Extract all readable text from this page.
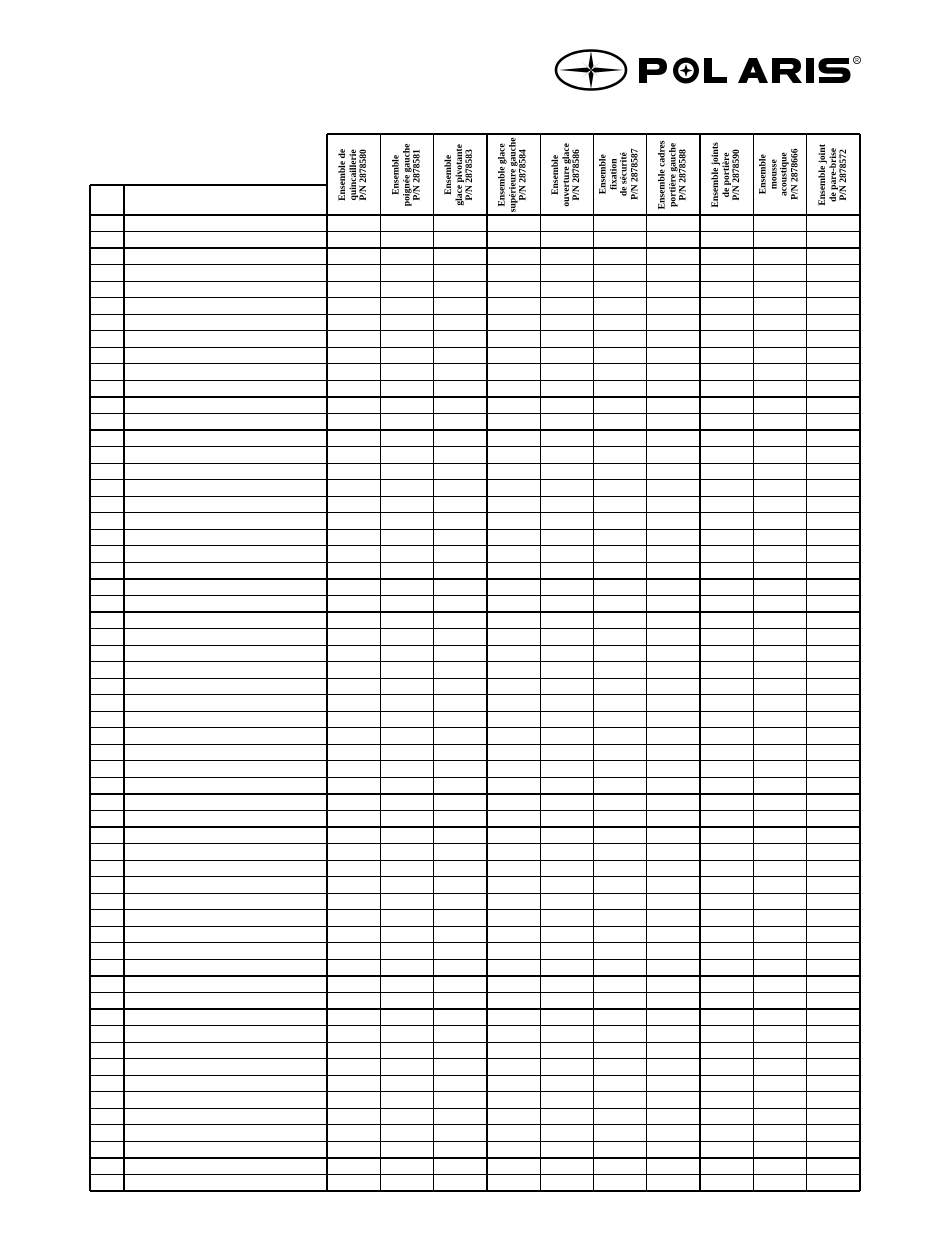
R
Ensemble de
quincaillerie
P/N 2878580 Ensemble
poignée gauche
P/N 2878581 Ensemble
glace pivotante
P/N 2878583
Ensemble glace
supérieure gauche
P/N 2878584 Ensemble
ouverture glace
P/N 2878586 Ensemble
fixation
de sécurité
P/N 2878587
Ensemble cadres
portière gauche
P/N 2878588
Ensemble joints
de portière
P/N 2878590 Ensemble
mousse
acoustique
P/N 2878666 Ensemble joint
de pare-brise
P/N 2878572
